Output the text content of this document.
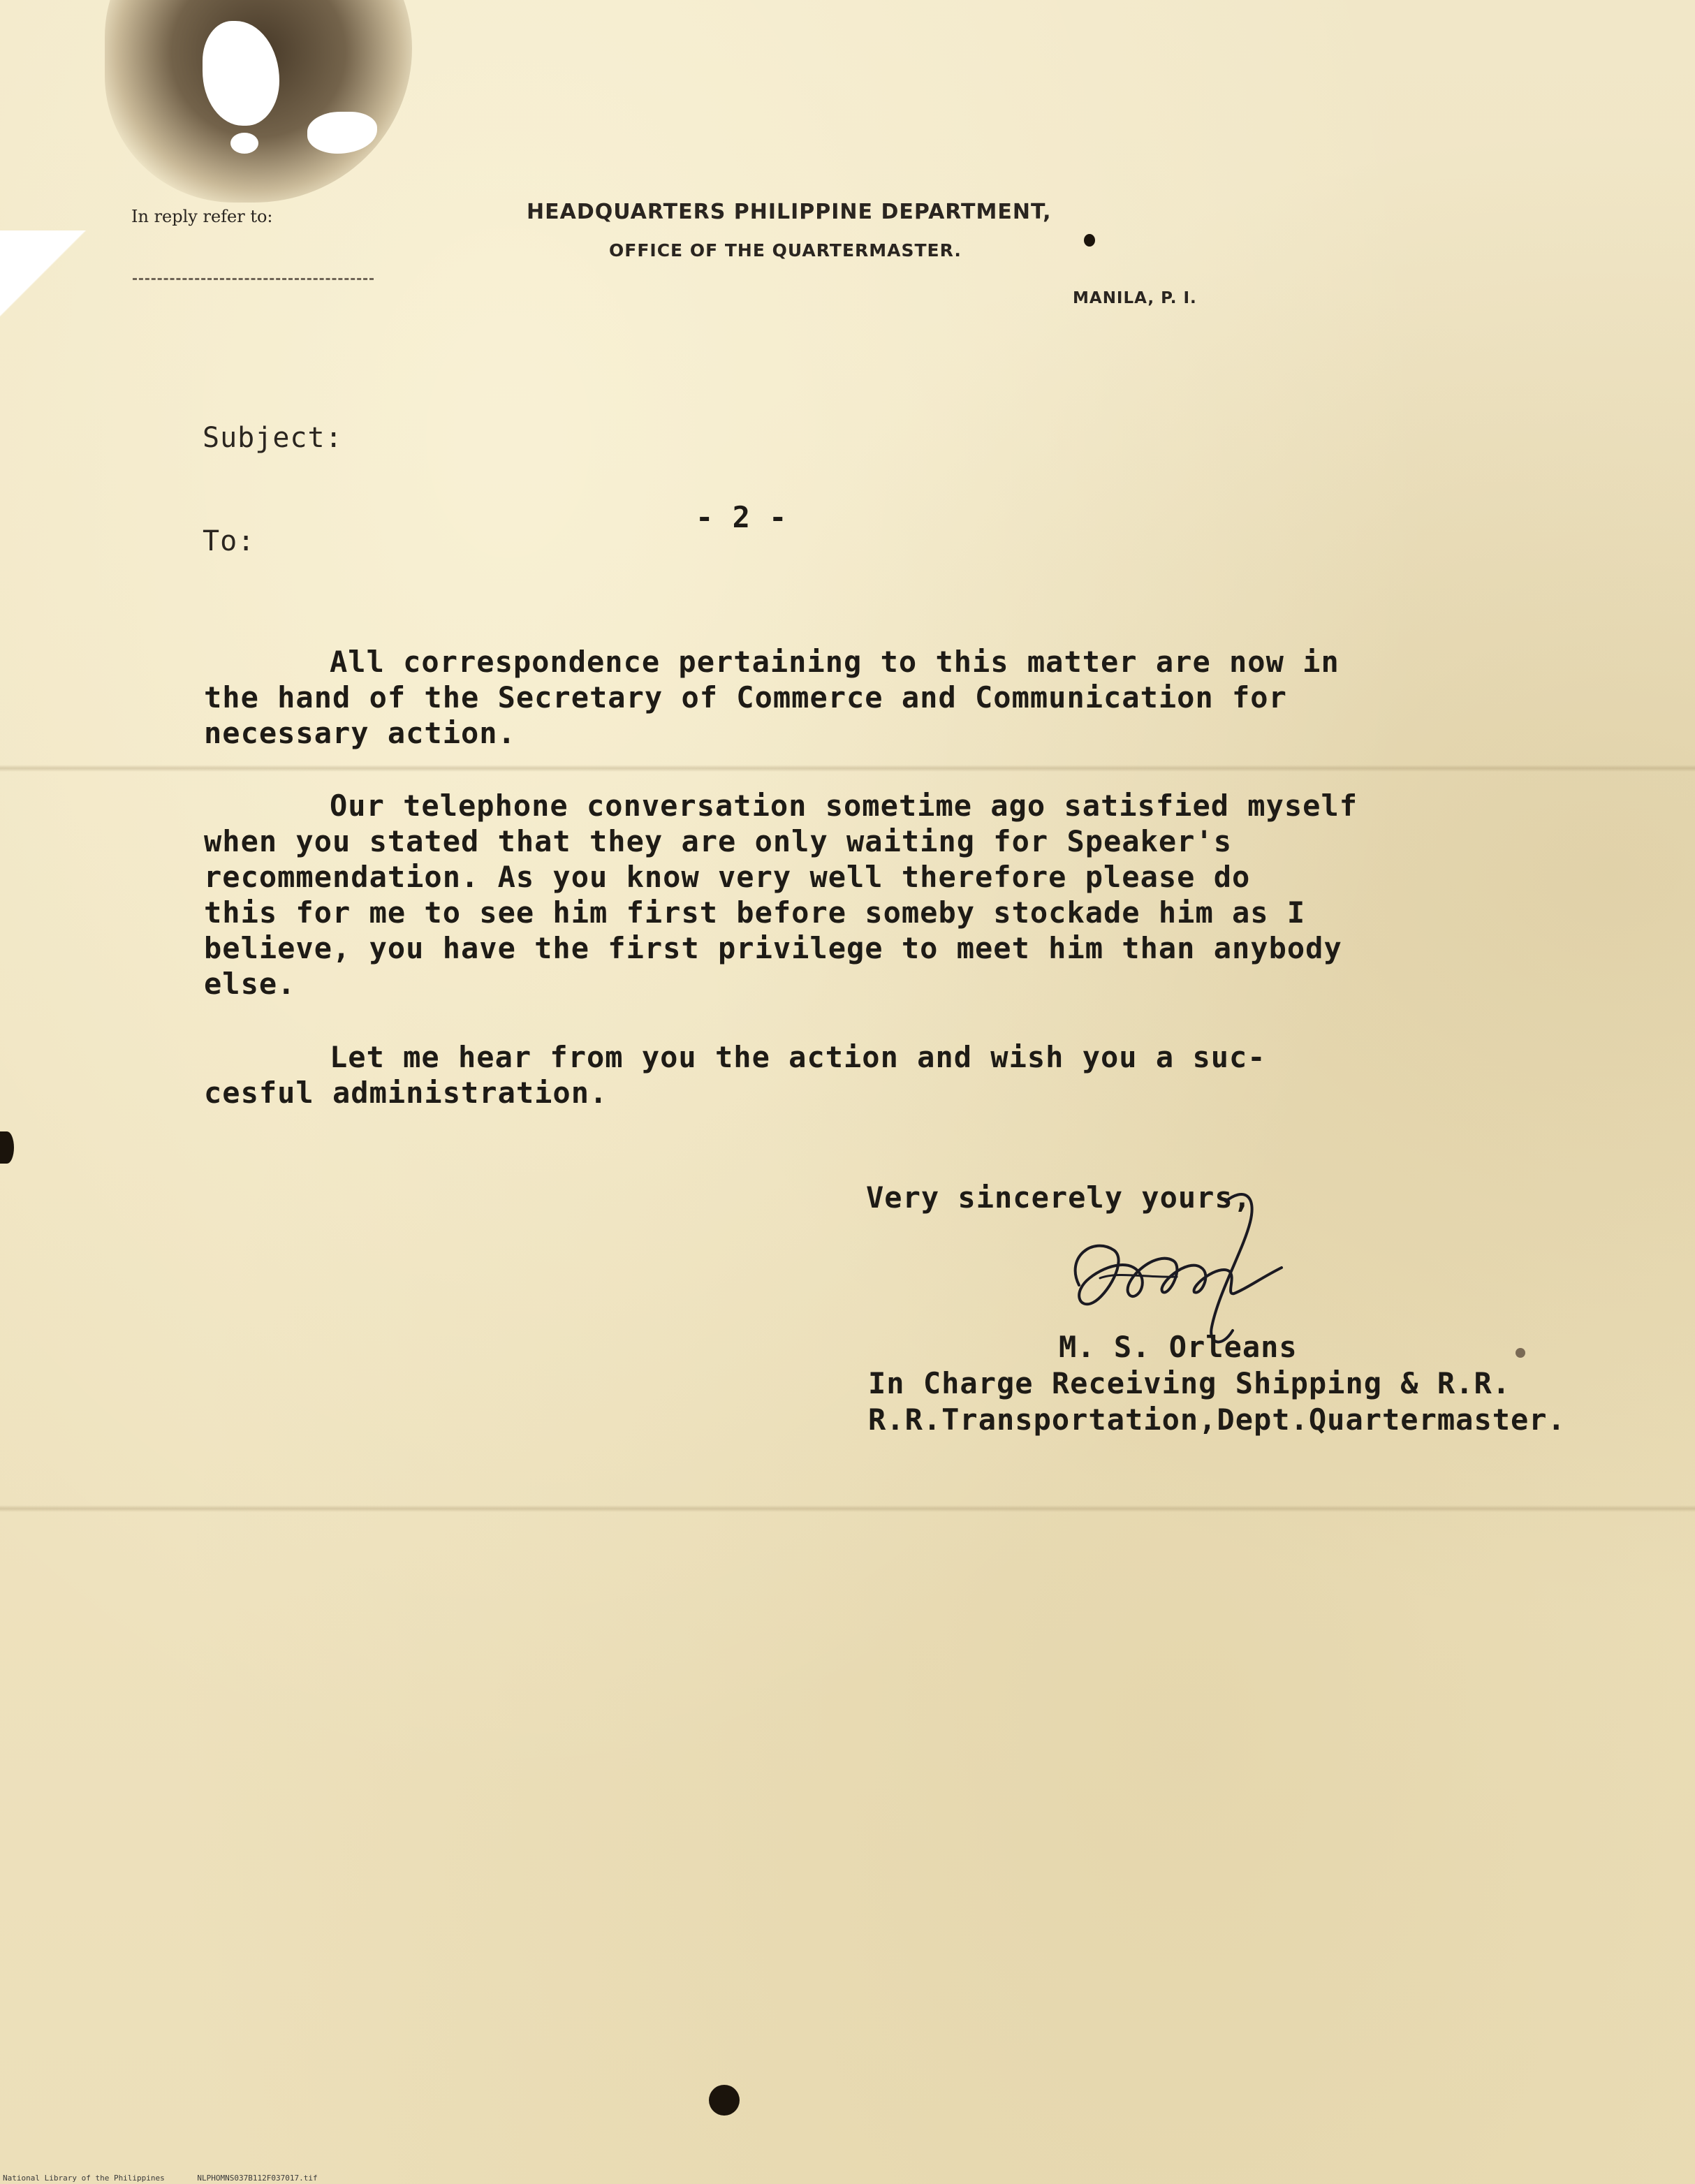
In reply refer to:	HEADQUARTERS PHILIPPINE DEPARTMENT,
OFFICE OF THE QUARTERMASTER.
MANILA, P. I.
Subject:
To:
- 2 -
All correspondence pertaining to this matter are now in
the hand of the Secretary of Commerce and Communication for
necessary action.
Our telephone conversation sometime ago satisfied myself
when you stated that they are only waiting for Speaker's
recommendation. As you know very well therefore please do
this for me to see him first before someby stockade him as I
believe, you have the first privilege to meet him than anybody
else.
Let me hear from you the action and wish you a suc-
cesful administration.
Very sincerely yours,
M. S. Orleans
In Charge Receiving Shipping & R.R.
R.R.Transportation,Dept.Quartermaster.
National Library of the Philippines	NLPHOMNS037B112F037017.tif
